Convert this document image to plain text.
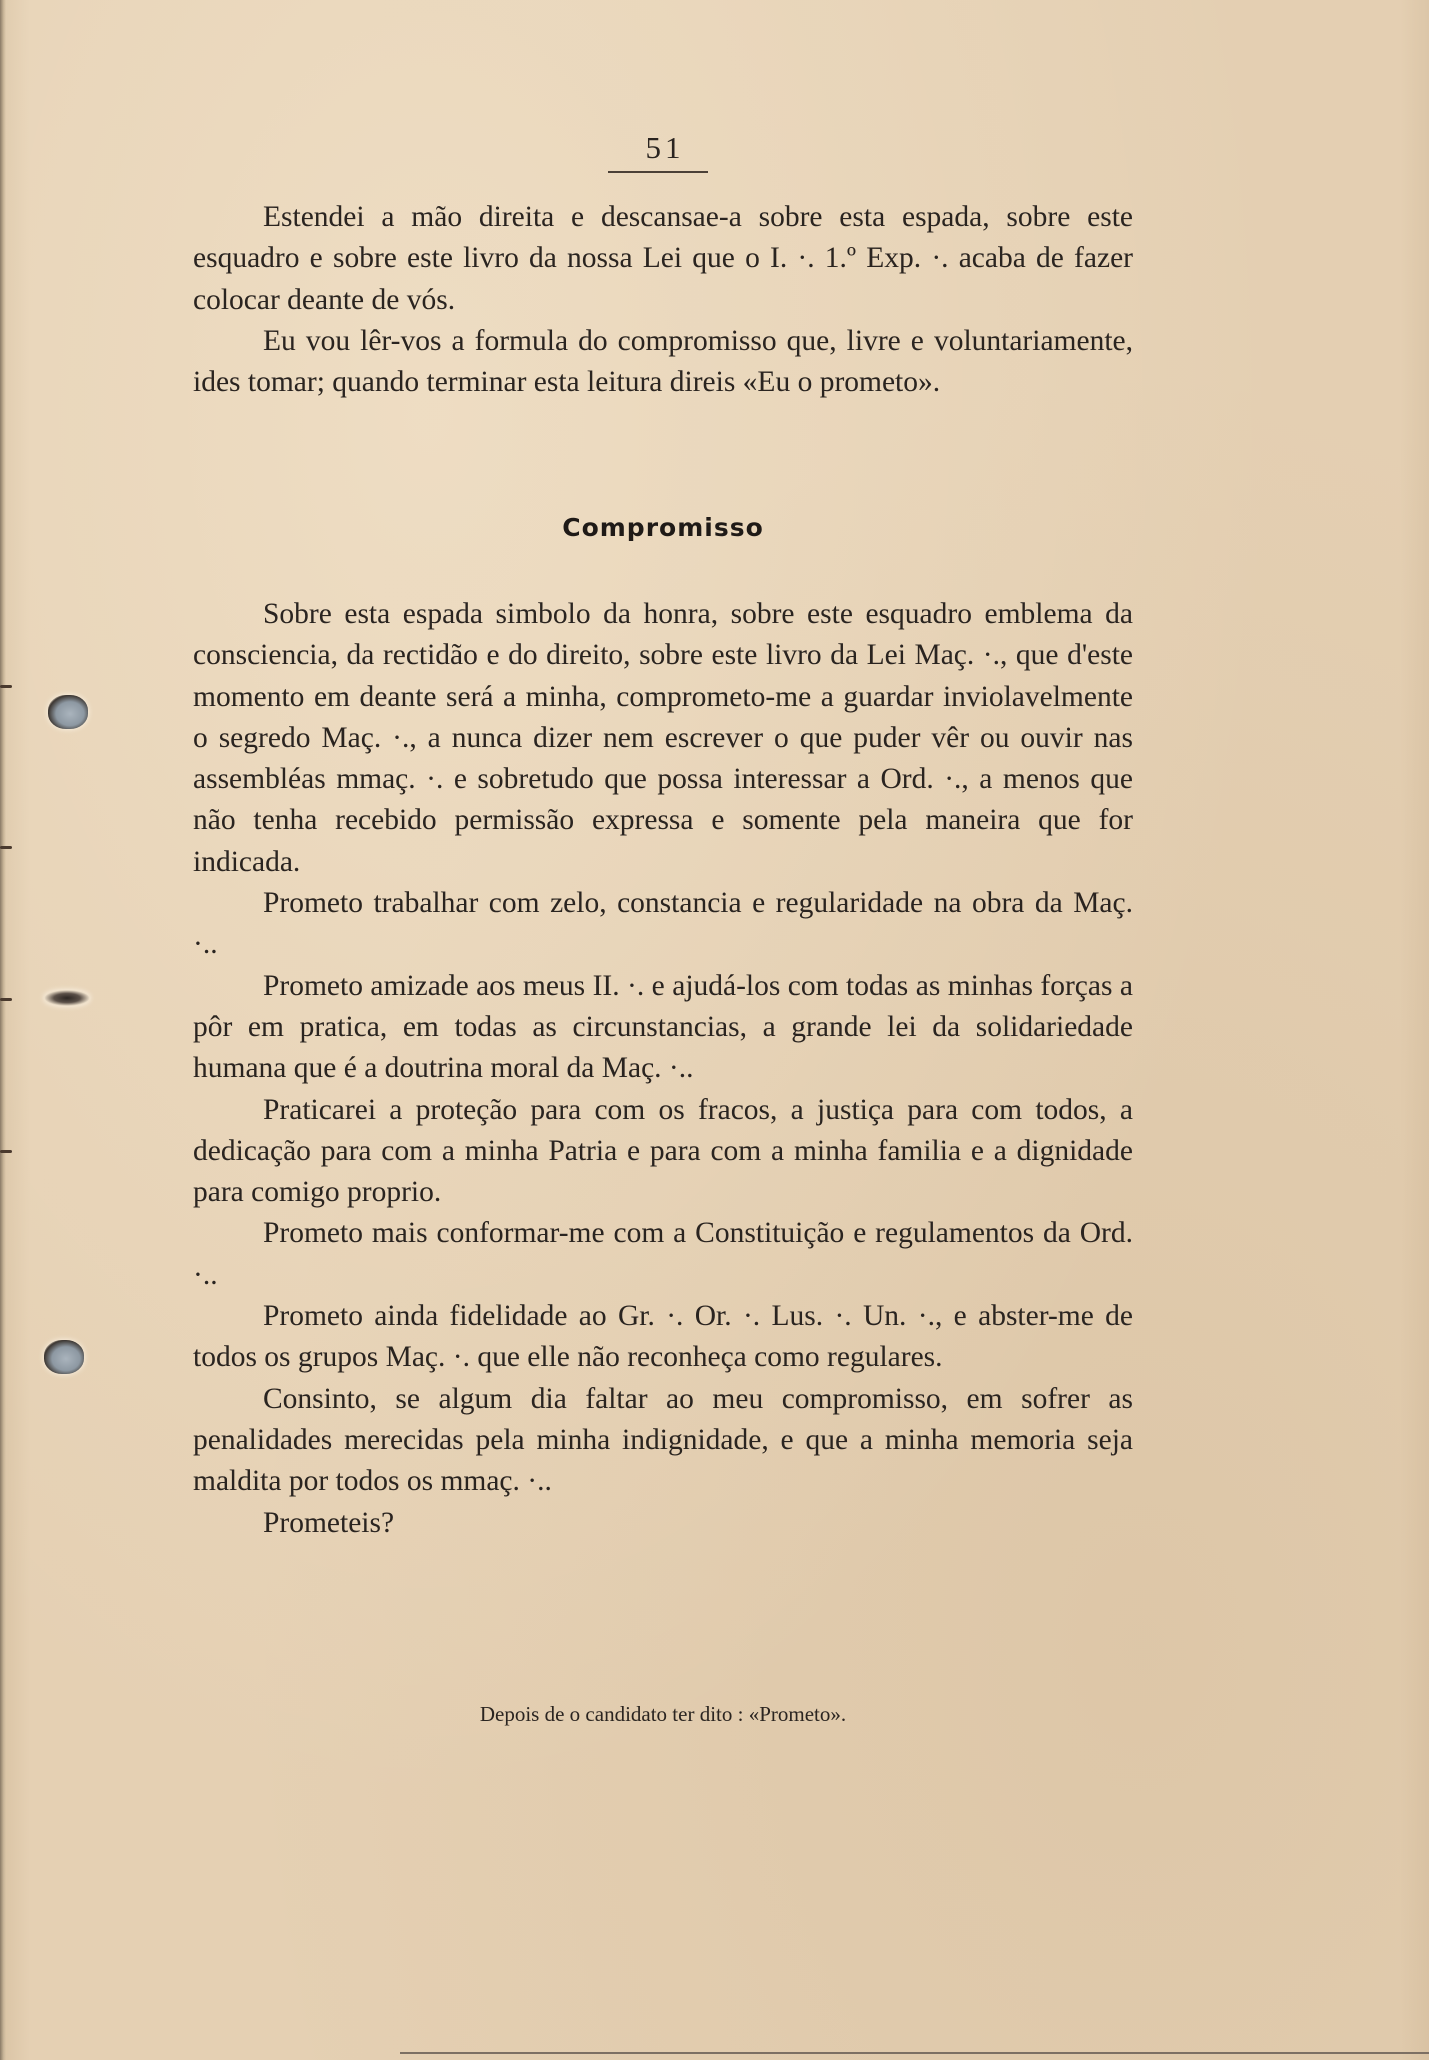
51

Estendei a mão direita e descansae-a sobre esta espada, sobre este esquadro e sobre este livro da nossa Lei que o I. ·. 1.º Exp. ·. acaba de fazer colocar deante de vós.

Eu vou lêr-vos a formula do compromisso que, livre e voluntariamente, ides tomar; quando terminar esta leitura direis «Eu o prometo».

Compromisso

Sobre esta espada simbolo da honra, sobre este esquadro emblema da consciencia, da rectidão e do direito, sobre este livro da Lei Maç. ·., que d'este momento em deante será a minha, comprometo-me a guardar inviolavelmente o segredo Maç. ·., a nunca dizer nem escrever o que puder vêr ou ouvir nas assembléas mmaç. ·. e sobretudo que possa interessar a Ord. ·., a menos que não tenha recebido permissão expressa e somente pela maneira que for indicada.

Prometo trabalhar com zelo, constancia e regularidade na obra da Maç. ·..

Prometo amizade aos meus II. ·. e ajudá-los com todas as minhas forças a pôr em pratica, em todas as circunstancias, a grande lei da solidariedade humana que é a doutrina moral da Maç. ·..

Praticarei a proteção para com os fracos, a justiça para com todos, a dedicação para com a minha Patria e para com a minha familia e a dignidade para comigo proprio.

Prometo mais conformar-me com a Constituição e regulamentos da Ord. ·..

Prometo ainda fidelidade ao Gr. ·. Or. ·. Lus. ·. Un. ·., e abster-me de todos os grupos Maç. ·. que elle não reconheça como regulares.

Consinto, se algum dia faltar ao meu compromisso, em sofrer as penalidades merecidas pela minha indignidade, e que a minha memoria seja maldita por todos os mmaç. ·..

Prometeis?

Depois de o candidato ter dito : «Prometo».
